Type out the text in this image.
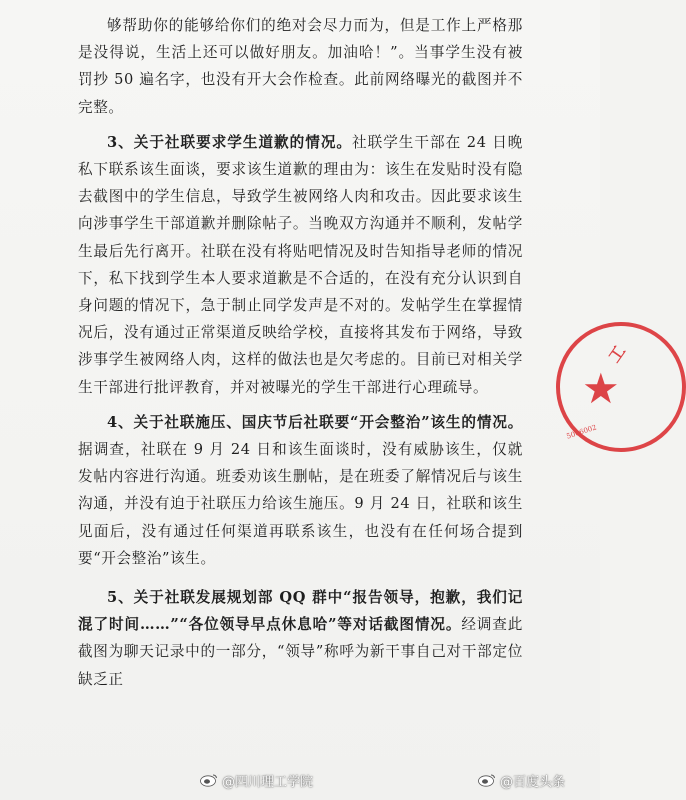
够帮助你的能够给你们的绝对会尽力而为，但是工作上严格那是没得说，生活上还可以做好朋友。加油哈！”。当事学生没有被罚抄 50 遍名字，也没有开大会作检查。此前网络曝光的截图并不完整。

3、关于社联要求学生道歉的情况。社联学生干部在 24 日晚私下联系该生面谈，要求该生道歉的理由为：该生在发贴时没有隐去截图中的学生信息，导致学生被网络人肉和攻击。因此要求该生向涉事学生干部道歉并删除帖子。当晚双方沟通并不顺利，发帖学生最后先行离开。社联在没有将贴吧情况及时告知指导老师的情况下，私下找到学生本人要求道歉是不合适的，在没有充分认识到自身问题的情况下，急于制止同学发声是不对的。发帖学生在掌握情况后，没有通过正常渠道反映给学校，直接将其发布于网络，导致涉事学生被网络人肉，这样的做法也是欠考虑的。目前已对相关学生干部进行批评教育，并对被曝光的学生干部进行心理疏导。

4、关于社联施压、国庆节后社联要“开会整治”该生的情况。据调查，社联在 9 月 24 日和该生面谈时，没有威胁该生，仅就发帖内容进行沟通。班委劝该生删帖，是在班委了解情况后与该生沟通，并没有迫于社联压力给该生施压。9 月 24 日，社联和该生见面后，没有通过任何渠道再联系该生，也没有在任何场合提到要“开会整治”该生。

5、关于社联发展规划部 QQ 群中“报告领导，抱歉，我们记混了时间……”“各位领导早点休息哈”等对话截图情况。经调查此截图为聊天记录中的一部分，“领导”称呼为新干事自己对干部定位缺乏正

工
★
5006002
@四川理工学院	@百度头条
